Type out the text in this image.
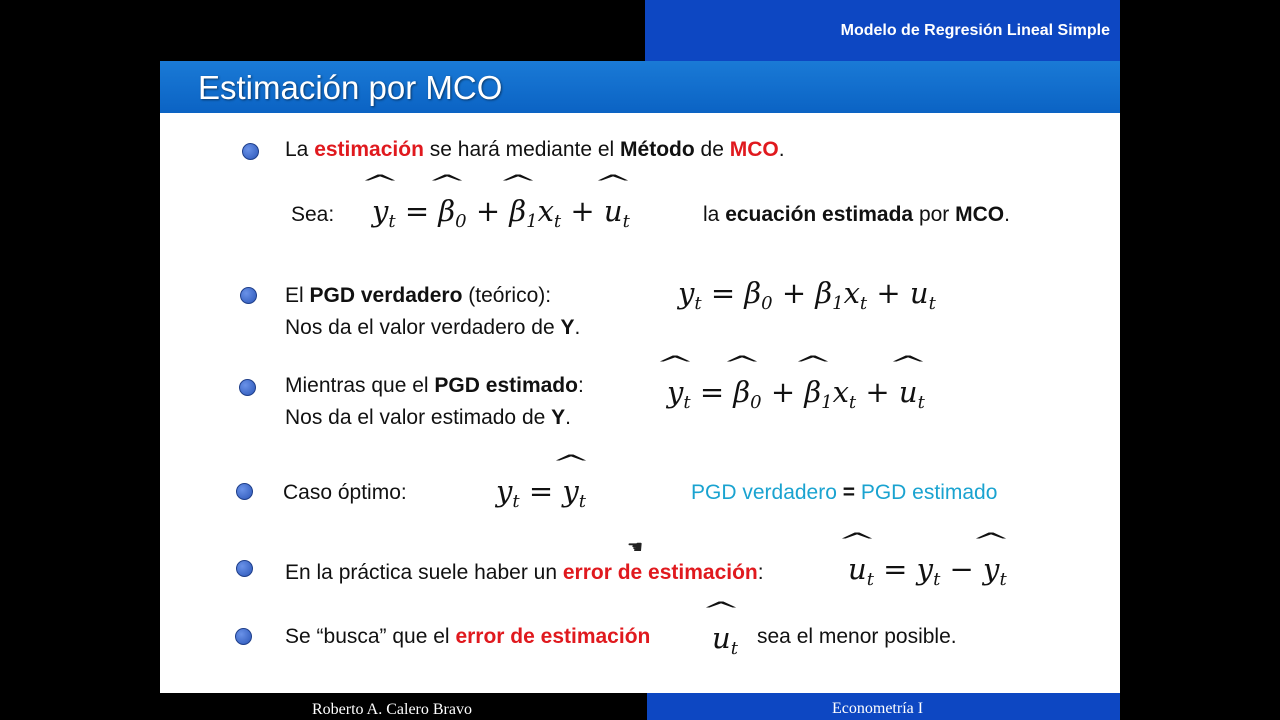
Modelo de Regresión Lineal Simple
Estimación por MCO
La estimación se hará mediante el Método de MCO.
Sea: y $\^{}_t = \beta$ $\^{}_0 + \beta$ $\^{}_1x_t + u$ $\^{}_t$	la ecuación estimada por MCO.
El PGD verdadero (teórico):
Nos da el valor verdadero de Y.
$y_t = \beta_0 + \beta_1x_t + u_t$
Mientras que el PGD estimado:
Nos da el valor estimado de Y.
y $\^{}_t = \beta$ $\^{}_0 + \beta$ $\^{}_1x_t + u$ $\^{}_t$
Caso óptimo:	$y_t = y$ $\^{}_t$	PGD verdadero = PGD estimado
En la práctica suele haber un error de estimación:	u $\^{}_t = y_t - y$ $\^{}_t$
Se “busca” que el error de estimación u $\^{}_t$
sea el menor posible.
☚
Roberto A. Calero Bravo	Econometría I
